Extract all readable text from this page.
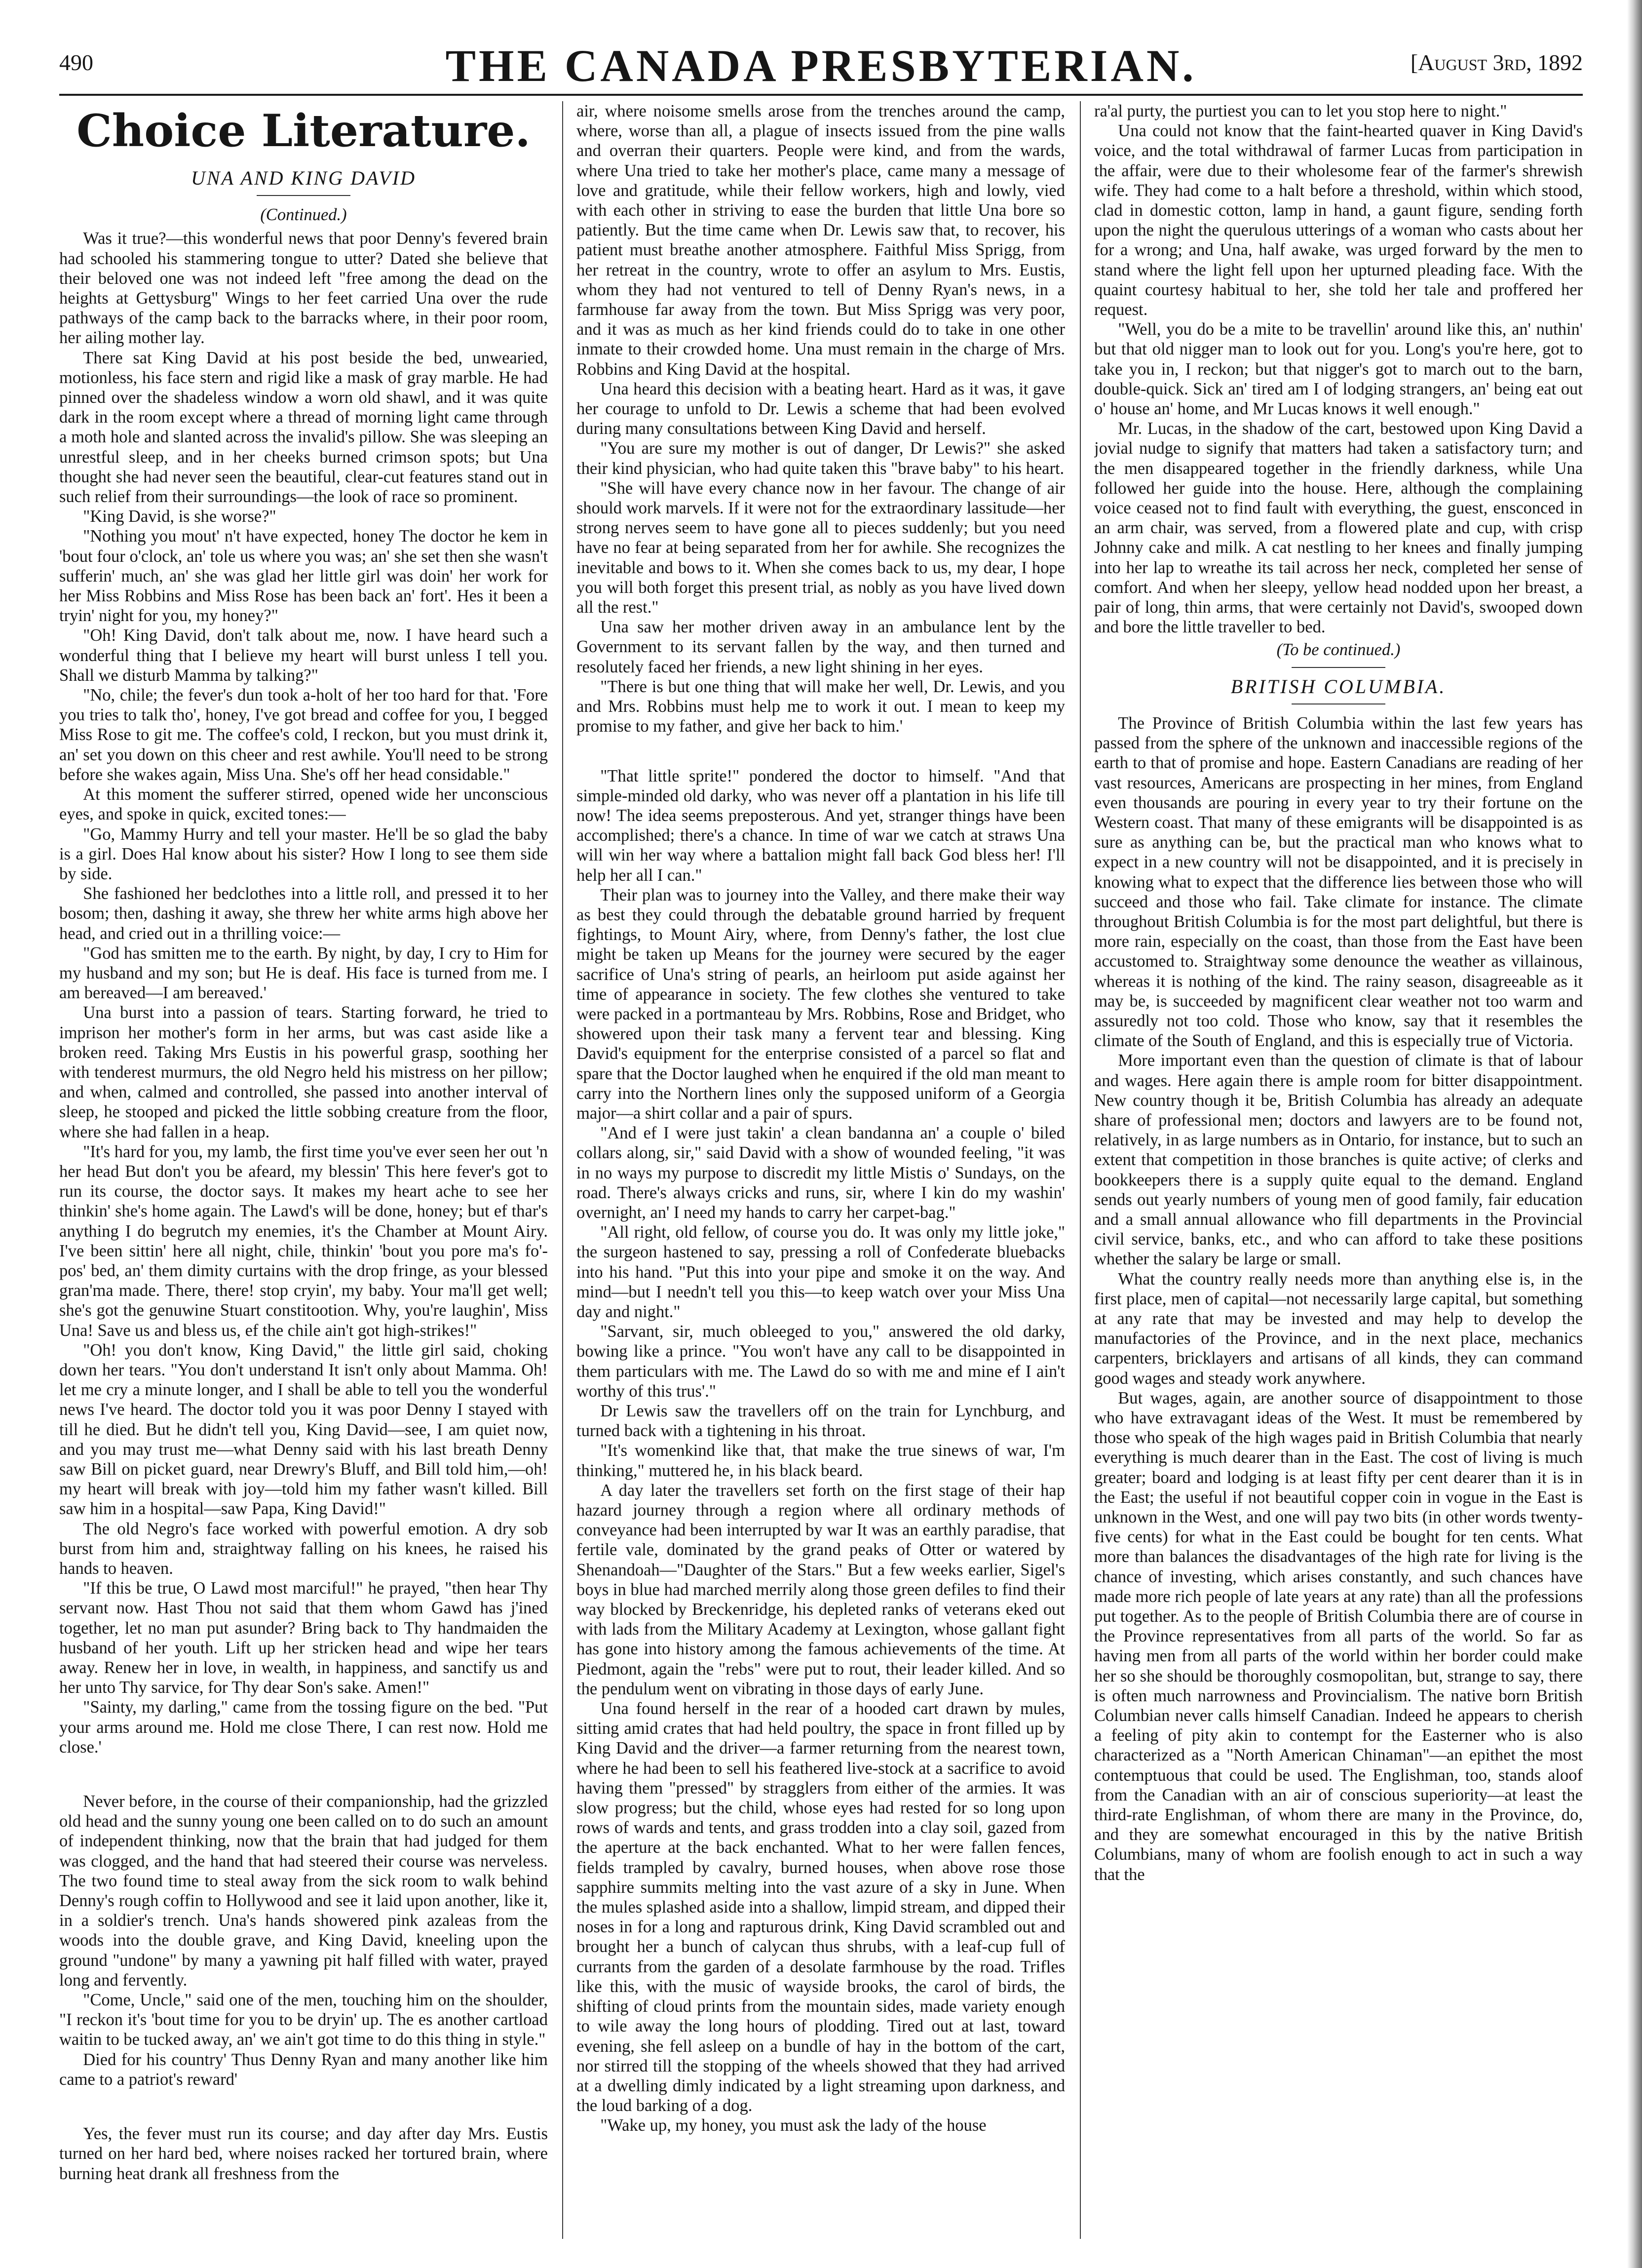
490	THE CANADA PRESBYTERIAN.	[August 3rd, 1892
Choice Literature.
UNA AND KING DAVID
(Continued.)

Was it true?—this wonderful news that poor Denny's fevered brain had schooled his stammering tongue to utter? Dated she believe that their beloved one was not indeed left "free among the dead on the heights at Gettysburg" Wings to her feet carried Una over the rude pathways of the camp back to the barracks where, in their poor room, her ailing mother lay.

There sat King David at his post beside the bed, unwearied, motionless, his face stern and rigid like a mask of gray marble. He had pinned over the shadeless window a worn old shawl, and it was quite dark in the room except where a thread of morning light came through a moth hole and slanted across the invalid's pillow. She was sleeping an unrestful sleep, and in her cheeks burned crimson spots; but Una thought she had never seen the beautiful, clear-cut features stand out in such relief from their surroundings—the look of race so prominent.

"King David, is she worse?"

"Nothing you mout' n't have expected, honey The doctor he kem in 'bout four o'clock, an' tole us where you was; an' she set then she wasn't sufferin' much, an' she was glad her little girl was doin' her work for her Miss Robbins and Miss Rose has been back an' fort'. Hes it been a tryin' night for you, my honey?"

"Oh! King David, don't talk about me, now. I have heard such a wonderful thing that I believe my heart will burst unless I tell you. Shall we disturb Mamma by talking?"

"No, chile; the fever's dun took a-holt of her too hard for that. 'Fore you tries to talk tho', honey, I've got bread and coffee for you, I begged Miss Rose to git me. The coffee's cold, I reckon, but you must drink it, an' set you down on this cheer and rest awhile. You'll need to be strong before she wakes again, Miss Una. She's off her head considable."

At this moment the sufferer stirred, opened wide her unconscious eyes, and spoke in quick, excited tones:—

"Go, Mammy Hurry and tell your master. He'll be so glad the baby is a girl. Does Hal know about his sister? How I long to see them side by side.

She fashioned her bedclothes into a little roll, and pressed it to her bosom; then, dashing it away, she threw her white arms high above her head, and cried out in a thrilling voice:—

"God has smitten me to the earth. By night, by day, I cry to Him for my husband and my son; but He is deaf. His face is turned from me. I am bereaved—I am bereaved.'

Una burst into a passion of tears. Starting forward, he tried to imprison her mother's form in her arms, but was cast aside like a broken reed. Taking Mrs Eustis in his powerful grasp, soothing her with tenderest murmurs, the old Negro held his mistress on her pillow; and when, calmed and controlled, she passed into another interval of sleep, he stooped and picked the little sobbing creature from the floor, where she had fallen in a heap.

"It's hard for you, my lamb, the first time you've ever seen her out 'n her head But don't you be afeard, my blessin' This here fever's got to run its course, the doctor says. It makes my heart ache to see her thinkin' she's home again. The Lawd's will be done, honey; but ef thar's anything I do begrutch my enemies, it's the Chamber at Mount Airy. I've been sittin' here all night, chile, thinkin' 'bout you pore ma's fo'-pos' bed, an' them dimity curtains with the drop fringe, as your blessed gran'ma made. There, there! stop cryin', my baby. Your ma'll get well; she's got the genuwine Stuart constitootion. Why, you're laughin', Miss Una! Save us and bless us, ef the chile ain't got high-strikes!"

"Oh! you don't know, King David," the little girl said, choking down her tears. "You don't understand It isn't only about Mamma. Oh! let me cry a minute longer, and I shall be able to tell you the wonderful news I've heard. The doctor told you it was poor Denny I stayed with till he died. But he didn't tell you, King David—see, I am quiet now, and you may trust me—what Denny said with his last breath Denny saw Bill on picket guard, near Drewry's Bluff, and Bill told him,—oh! my heart will break with joy—told him my father wasn't killed. Bill saw him in a hospital—saw Papa, King David!"

The old Negro's face worked with powerful emotion. A dry sob burst from him and, straightway falling on his knees, he raised his hands to heaven.

"If this be true, O Lawd most marciful!" he prayed, "then hear Thy servant now. Hast Thou not said that them whom Gawd has j'ined together, let no man put asunder? Bring back to Thy handmaiden the husband of her youth. Lift up her stricken head and wipe her tears away. Renew her in love, in wealth, in happiness, and sanctify us and her unto Thy sarvice, for Thy dear Son's sake. Amen!"

"Sainty, my darling," came from the tossing figure on the bed. "Put your arms around me. Hold me close There, I can rest now. Hold me close.'

Never before, in the course of their companionship, had the grizzled old head and the sunny young one been called on to do such an amount of independent thinking, now that the brain that had judged for them was clogged, and the hand that had steered their course was nerveless. The two found time to steal away from the sick room to walk behind Denny's rough coffin to Hollywood and see it laid upon another, like it, in a soldier's trench. Una's hands showered pink azaleas from the woods into the double grave, and King David, kneeling upon the ground "undone" by many a yawning pit half filled with water, prayed long and fervently.

"Come, Uncle," said one of the men, touching him on the shoulder, "I reckon it's 'bout time for you to be dryin' up. The es another cartload waitin to be tucked away, an' we ain't got time to do this thing in style."

Died for his country' Thus Denny Ryan and many another like him came to a patriot's reward'

Yes, the fever must run its course; and day after day Mrs. Eustis turned on her hard bed, where noises racked her tortured brain, where burning heat drank all freshness from the

air, where noisome smells arose from the trenches around the camp, where, worse than all, a plague of insects issued from the pine walls and overran their quarters. People were kind, and from the wards, where Una tried to take her mother's place, came many a message of love and gratitude, while their fellow workers, high and lowly, vied with each other in striving to ease the burden that little Una bore so patiently. But the time came when Dr. Lewis saw that, to recover, his patient must breathe another atmosphere. Faithful Miss Sprigg, from her retreat in the country, wrote to offer an asylum to Mrs. Eustis, whom they had not ventured to tell of Denny Ryan's news, in a farmhouse far away from the town. But Miss Sprigg was very poor, and it was as much as her kind friends could do to take in one other inmate to their crowded home. Una must remain in the charge of Mrs. Robbins and King David at the hospital.

Una heard this decision with a beating heart. Hard as it was, it gave her courage to unfold to Dr. Lewis a scheme that had been evolved during many consultations between King David and herself.

"You are sure my mother is out of danger, Dr Lewis?" she asked their kind physician, who had quite taken this "brave baby" to his heart.

"She will have every chance now in her favour. The change of air should work marvels. If it were not for the extraordinary lassitude—her strong nerves seem to have gone all to pieces suddenly; but you need have no fear at being separated from her for awhile. She recognizes the inevitable and bows to it. When she comes back to us, my dear, I hope you will both forget this present trial, as nobly as you have lived down all the rest."

Una saw her mother driven away in an ambulance lent by the Government to its servant fallen by the way, and then turned and resolutely faced her friends, a new light shining in her eyes.

"There is but one thing that will make her well, Dr. Lewis, and you and Mrs. Robbins must help me to work it out. I mean to keep my promise to my father, and give her back to him.'

"That little sprite!" pondered the doctor to himself. "And that simple-minded old darky, who was never off a plantation in his life till now! The idea seems preposterous. And yet, stranger things have been accomplished; there's a chance. In time of war we catch at straws Una will win her way where a battalion might fall back God bless her! I'll help her all I can."

Their plan was to journey into the Valley, and there make their way as best they could through the debatable ground harried by frequent fightings, to Mount Airy, where, from Denny's father, the lost clue might be taken up Means for the journey were secured by the eager sacrifice of Una's string of pearls, an heirloom put aside against her time of appearance in society. The few clothes she ventured to take were packed in a portmanteau by Mrs. Robbins, Rose and Bridget, who showered upon their task many a fervent tear and blessing. King David's equipment for the enterprise consisted of a parcel so flat and spare that the Doctor laughed when he enquired if the old man meant to carry into the Northern lines only the supposed uniform of a Georgia major—a shirt collar and a pair of spurs.

"And ef I were just takin' a clean bandanna an' a couple o' biled collars along, sir," said David with a show of wounded feeling, "it was in no ways my purpose to discredit my little Mistis o' Sundays, on the road. There's always cricks and runs, sir, where I kin do my washin' overnight, an' I need my hands to carry her carpet-bag."

"All right, old fellow, of course you do. It was only my little joke," the surgeon hastened to say, pressing a roll of Confederate bluebacks into his hand. "Put this into your pipe and smoke it on the way. And mind—but I needn't tell you this—to keep watch over your Miss Una day and night."

"Sarvant, sir, much obleeged to you," answered the old darky, bowing like a prince. "You won't have any call to be disappointed in them particulars with me. The Lawd do so with me and mine ef I ain't worthy of this trus'."

Dr Lewis saw the travellers off on the train for Lynchburg, and turned back with a tightening in his throat.

"It's womenkind like that, that make the true sinews of war, I'm thinking," muttered he, in his black beard.

A day later the travellers set forth on the first stage of their hap hazard journey through a region where all ordinary methods of conveyance had been interrupted by war It was an earthly paradise, that fertile vale, dominated by the grand peaks of Otter or watered by Shenandoah—"Daughter of the Stars." But a few weeks earlier, Sigel's boys in blue had marched merrily along those green defiles to find their way blocked by Breckenridge, his depleted ranks of veterans eked out with lads from the Military Academy at Lexington, whose gallant fight has gone into history among the famous achievements of the time. At Piedmont, again the "rebs" were put to rout, their leader killed. And so the pendulum went on vibrating in those days of early June.

Una found herself in the rear of a hooded cart drawn by mules, sitting amid crates that had held poultry, the space in front filled up by King David and the driver—a farmer returning from the nearest town, where he had been to sell his feathered live-stock at a sacrifice to avoid having them "pressed" by stragglers from either of the armies. It was slow progress; but the child, whose eyes had rested for so long upon rows of wards and tents, and grass trodden into a clay soil, gazed from the aperture at the back enchanted. What to her were fallen fences, fields trampled by cavalry, burned houses, when above rose those sapphire summits melting into the vast azure of a sky in June. When the mules splashed aside into a shallow, limpid stream, and dipped their noses in for a long and rapturous drink, King David scrambled out and brought her a bunch of calycan thus shrubs, with a leaf-cup full of currants from the garden of a desolate farmhouse by the road. Trifles like this, with the music of wayside brooks, the carol of birds, the shifting of cloud prints from the mountain sides, made variety enough to wile away the long hours of plodding. Tired out at last, toward evening, she fell asleep on a bundle of hay in the bottom of the cart, nor stirred till the stopping of the wheels showed that they had arrived at a dwelling dimly indicated by a light streaming upon darkness, and the loud barking of a dog.

"Wake up, my honey, you must ask the lady of the house

ra'al purty, the purtiest you can to let you stop here to night."

Una could not know that the faint-hearted quaver in King David's voice, and the total withdrawal of farmer Lucas from participation in the affair, were due to their wholesome fear of the farmer's shrewish wife. They had come to a halt before a threshold, within which stood, clad in domestic cotton, lamp in hand, a gaunt figure, sending forth upon the night the querulous utterings of a woman who casts about her for a wrong; and Una, half awake, was urged forward by the men to stand where the light fell upon her upturned pleading face. With the quaint courtesy habitual to her, she told her tale and proffered her request.

"Well, you do be a mite to be travellin' around like this, an' nuthin' but that old nigger man to look out for you. Long's you're here, got to take you in, I reckon; but that nigger's got to march out to the barn, double-quick. Sick an' tired am I of lodging strangers, an' being eat out o' house an' home, and Mr Lucas knows it well enough."

Mr. Lucas, in the shadow of the cart, bestowed upon King David a jovial nudge to signify that matters had taken a satisfactory turn; and the men disappeared together in the friendly darkness, while Una followed her guide into the house. Here, although the complaining voice ceased not to find fault with everything, the guest, ensconced in an arm chair, was served, from a flowered plate and cup, with crisp Johnny cake and milk. A cat nestling to her knees and finally jumping into her lap to wreathe its tail across her neck, completed her sense of comfort. And when her sleepy, yellow head nodded upon her breast, a pair of long, thin arms, that were certainly not David's, swooped down and bore the little traveller to bed.

(To be continued.)
BRITISH COLUMBIA.

The Province of British Columbia within the last few years has passed from the sphere of the unknown and inaccessible regions of the earth to that of promise and hope. Eastern Canadians are reading of her vast resources, Americans are prospecting in her mines, from England even thousands are pouring in every year to try their fortune on the Western coast. That many of these emigrants will be disappointed is as sure as anything can be, but the practical man who knows what to expect in a new country will not be disappointed, and it is precisely in knowing what to expect that the difference lies between those who will succeed and those who fail. Take climate for instance. The climate throughout British Columbia is for the most part delightful, but there is more rain, especially on the coast, than those from the East have been accustomed to. Straightway some denounce the weather as villainous, whereas it is nothing of the kind. The rainy season, disagreeable as it may be, is succeeded by magnificent clear weather not too warm and assuredly not too cold. Those who know, say that it resembles the climate of the South of England, and this is especially true of Victoria.

More important even than the question of climate is that of labour and wages. Here again there is ample room for bitter disappointment. New country though it be, British Columbia has already an adequate share of professional men; doctors and lawyers are to be found not, relatively, in as large numbers as in Ontario, for instance, but to such an extent that competition in those branches is quite active; of clerks and bookkeepers there is a supply quite equal to the demand. England sends out yearly numbers of young men of good family, fair education and a small annual allowance who fill departments in the Provincial civil service, banks, etc., and who can afford to take these positions whether the salary be large or small.

What the country really needs more than anything else is, in the first place, men of capital—not necessarily large capital, but something at any rate that may be invested and may help to develop the manufactories of the Province, and in the next place, mechanics carpenters, bricklayers and artisans of all kinds, they can command good wages and steady work anywhere.

But wages, again, are another source of disappointment to those who have extravagant ideas of the West. It must be remembered by those who speak of the high wages paid in British Columbia that nearly everything is much dearer than in the East. The cost of living is much greater; board and lodging is at least fifty per cent dearer than it is in the East; the useful if not beautiful copper coin in vogue in the East is unknown in the West, and one will pay two bits (in other words twenty-five cents) for what in the East could be bought for ten cents. What more than balances the disadvantages of the high rate for living is the chance of investing, which arises constantly, and such chances have made more rich people of late years at any rate) than all the professions put together. As to the people of British Columbia there are of course in the Province representatives from all parts of the world. So far as having men from all parts of the world within her border could make her so she should be thoroughly cosmopolitan, but, strange to say, there is often much narrowness and Provincialism. The native born British Columbian never calls himself Canadian. Indeed he appears to cherish a feeling of pity akin to contempt for the Easterner who is also characterized as a "North American Chinaman"—an epithet the most contemptuous that could be used. The Englishman, too, stands aloof from the Canadian with an air of conscious superiority—at least the third-rate Englishman, of whom there are many in the Province, do, and they are somewhat encouraged in this by the native British Columbians, many of whom are foolish enough to act in such a way that the
